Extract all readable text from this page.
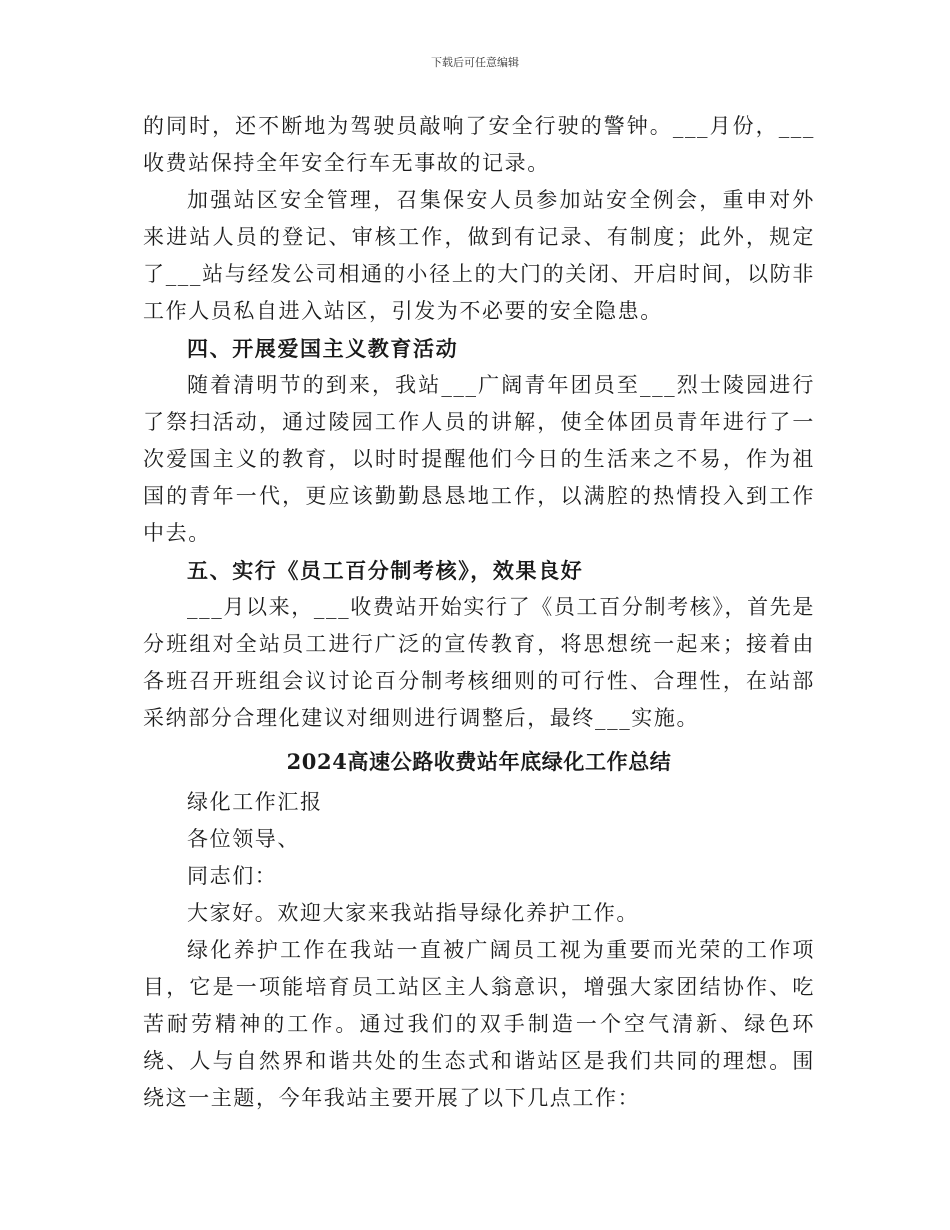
下载后可任意编辑

的同时，还不断地为驾驶员敲响了安全行驶的警钟。___月份，___收费站保持全年安全行车无事故的记录。

加强站区安全管理，召集保安人员参加站安全例会，重申对外来进站人员的登记、审核工作，做到有记录、有制度；此外，规定了___站与经发公司相通的小径上的大门的关闭、开启时间，以防非工作人员私自进入站区，引发为不必要的安全隐患。

四、开展爱国主义教育活动

随着清明节的到来，我站___广阔青年团员至___烈士陵园进行了祭扫活动，通过陵园工作人员的讲解，使全体团员青年进行了一次爱国主义的教育，以时时提醒他们今日的生活来之不易，作为祖国的青年一代，更应该勤勤恳恳地工作，以满腔的热情投入到工作中去。

五、实行《员工百分制考核》，效果良好

___月以来，___收费站开始实行了《员工百分制考核》，首先是分班组对全站员工进行广泛的宣传教育，将思想统一起来；接着由各班召开班组会议讨论百分制考核细则的可行性、合理性，在站部采纳部分合理化建议对细则进行调整后，最终___实施。

2024高速公路收费站年底绿化工作总结

绿化工作汇报

各位领导、

同志们：

大家好。欢迎大家来我站指导绿化养护工作。

绿化养护工作在我站一直被广阔员工视为重要而光荣的工作项目，它是一项能培育员工站区主人翁意识，增强大家团结协作、吃苦耐劳精神的工作。通过我们的双手制造一个空气清新、绿色环绕、人与自然界和谐共处的生态式和谐站区是我们共同的理想。围绕这一主题，今年我站主要开展了以下几点工作：
